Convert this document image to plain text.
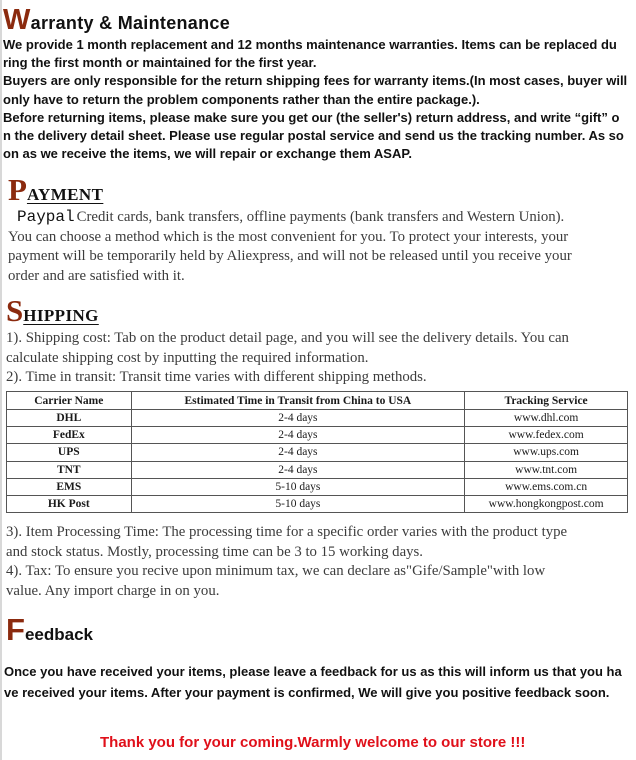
Warranty & Maintenance
We provide 1 month replacement and 12 months maintenance warranties. Items can be replaced du
ring the first month or maintained for the first year.
Buyers are only responsible for the return shipping fees for warranty items.(In most cases, buyer will
only have to return the problem components rather than the entire package.).
Before returning items, please make sure you get our (the seller's) return address, and write “gift” o
n the delivery detail sheet. Please use regular postal service and send us the tracking number. As so
on as we receive the items, we will repair or exchange them ASAP.
PAYMENT
Paypal Credit cards, bank transfers, offline payments (bank transfers and Western Union).
You can choose a method which is the most convenient for you. To protect your interests, your
payment will be temporarily held by Aliexpress, and will not be released until you receive your
order and are satisfied with it.
SHIPPING
1). Shipping cost: Tab on the product detail page, and you will see the delivery details. You can
calculate shipping cost by inputting the required information.
2). Time in transit: Transit time varies with different shipping methods.
Carrier Name	Estimated Time in Transit from China to USA	Tracking Service
DHL	2-4 days	www.dhl.com
FedEx	2-4 days	www.fedex.com
UPS	2-4 days	www.ups.com
TNT	2-4 days	www.tnt.com
EMS	5-10 days	www.ems.com.cn
HK Post	5-10 days	www.hongkongpost.com
3). Item Processing Time: The processing time for a specific order varies with the product type
and stock status. Mostly, processing time can be 3 to 15 working days.
4). Tax: To ensure you recive upon minimum tax, we can declare as"Gife/Sample"with low
value. Any import charge in on you.
Feedback
Once you have received your items, please leave a feedback for us as this will inform us that you ha
ve received your items. After your payment is confirmed, We will give you positive feedback soon.
Thank you for your coming.Warmly welcome to our store !!!
